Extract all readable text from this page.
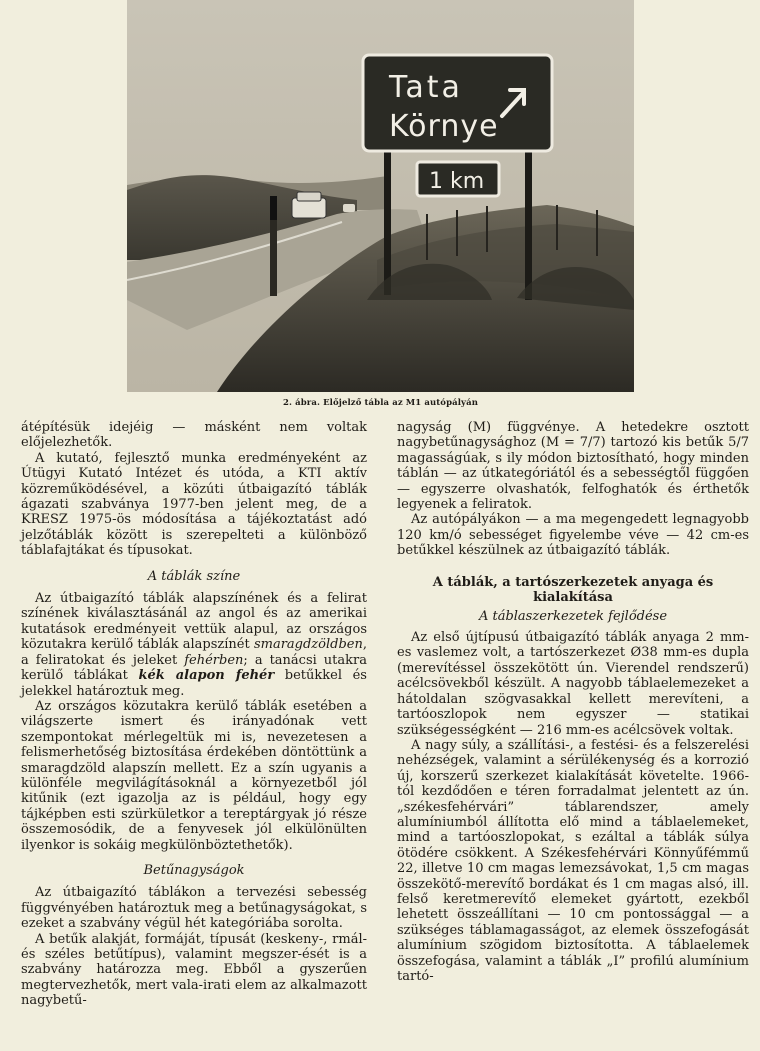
Tata
Környe
1 km
2. ábra. Előjelző tábla az M1 autópályán

átépítésük idejéig — másként nem voltak előjelezhetők.

A kutató, fejlesztő munka eredményeként az Útügyi Kutató Intézet és utóda, a KTI aktív közreműködésével, a közúti útbaigazító táblák ágazati szabványa 1977-ben jelent meg, de a KRESZ 1975-ös módosítása a tájékoztatást adó jelzőtáblák között is szerepelteti a különböző táblafajtákat és típusokat.

A táblák színe

Az útbaigazító táblák alapszínének és a felirat színének kiválasztásánál az angol és az amerikai kutatások eredményeit vettük alapul, az országos közutakra kerülő táblák alapszínét smaragdzöldben, a feliratokat és jeleket fehérben; a tanácsi utakra kerülő táblákat kék alapon fehér betűkkel és jelekkel határoztuk meg.

Az országos közutakra kerülő táblák esetében a világszerte ismert és irányadónak vett szempontokat mérlegeltük mi is, nevezetesen a felismerhetőség biztosítása érdekében döntöttünk a smaragdzöld alapszín mellett. Ez a szín ugyanis a különféle megvilágításoknál a környezetből jól kitűnik (ezt igazolja az is például, hogy egy tájképben esti szürkületkor a tereptárgyak jó része összemosódik, de a fenyvesek jól elkülönülten ilyenkor is sokáig megkülönböztethetők).

Betűnagyságok

Az útbaigazító táblákon a tervezési sebesség függvényében határoztuk meg a betűnagyságokat, s ezeket a szabvány végül hét kategóriába sorolta.

A betűk alakját, formáját, típusát (keskeny-, rmál- és széles betűtípus), valamint megszer-ését is a szabvány határozza meg. Ebből a gyszerűen megtervezhetők, mert vala-irati elem az alkalmazott nagybetű-

nagyság (M) függvénye. A hetedekre osztott nagybetűnagysághoz (M = 7/7) tartozó kis betűk 5/7 magasságúak, s ily módon biztosítható, hogy minden táblán — az útkategóriától és a sebességtől függően — egyszerre olvashatók, felfoghatók és érthetők legyenek a feliratok.

Az autópályákon — a ma megengedett legnagyobb 120 km/ó sebességet figyelembe véve — 42 cm-es betűkkel készülnek az útbaigazító táblák.

A táblák, a tartószerkezetek anyaga és kialakítása
A táblaszerkezetek fejlődése

Az első újtípusú útbaigazító táblák anyaga 2 mm-es vaslemez volt, a tartószerkezet Ø38 mm-es dupla (merevítéssel összekötött ún. Vierendel rendszerű) acélcsövekből készült. A nagyobb táblaelemezeket a hátoldalan szögvasakkal kellett merevíteni, a tartóoszlopok nem egyszer — statikai szükségességként — 216 mm-es acélcsövek voltak.

A nagy súly, a szállítási-, a festési- és a felszerelési nehézségek, valamint a sérülékenység és a korrozió új, korszerű szerkezet kialakítását követelte. 1966-tól kezdődően e téren forradalmat jelentett az ún. „székesfehérvári” táblarendszer, amely alumíniumból állította elő mind a táblaelemeket, mind a tartóoszlopokat, s ezáltal a táblák súlya ötödére csökkent. A Székesfehérvári Könnyűfémmű 22, illetve 10 cm magas lemezsávokat, 1,5 cm magas összekötő-merevítő bordákat és 1 cm magas alsó, ill. felső keretmerevítő elemeket gyártott, ezekből lehetett összeállítani — 10 cm pontossággal — a szükséges táblamagasságot, az elemek összefogását alumínium szögidom biztosította. A táblaelemek összefogása, valamint a táblák „I” profilú alumínium tartó-
